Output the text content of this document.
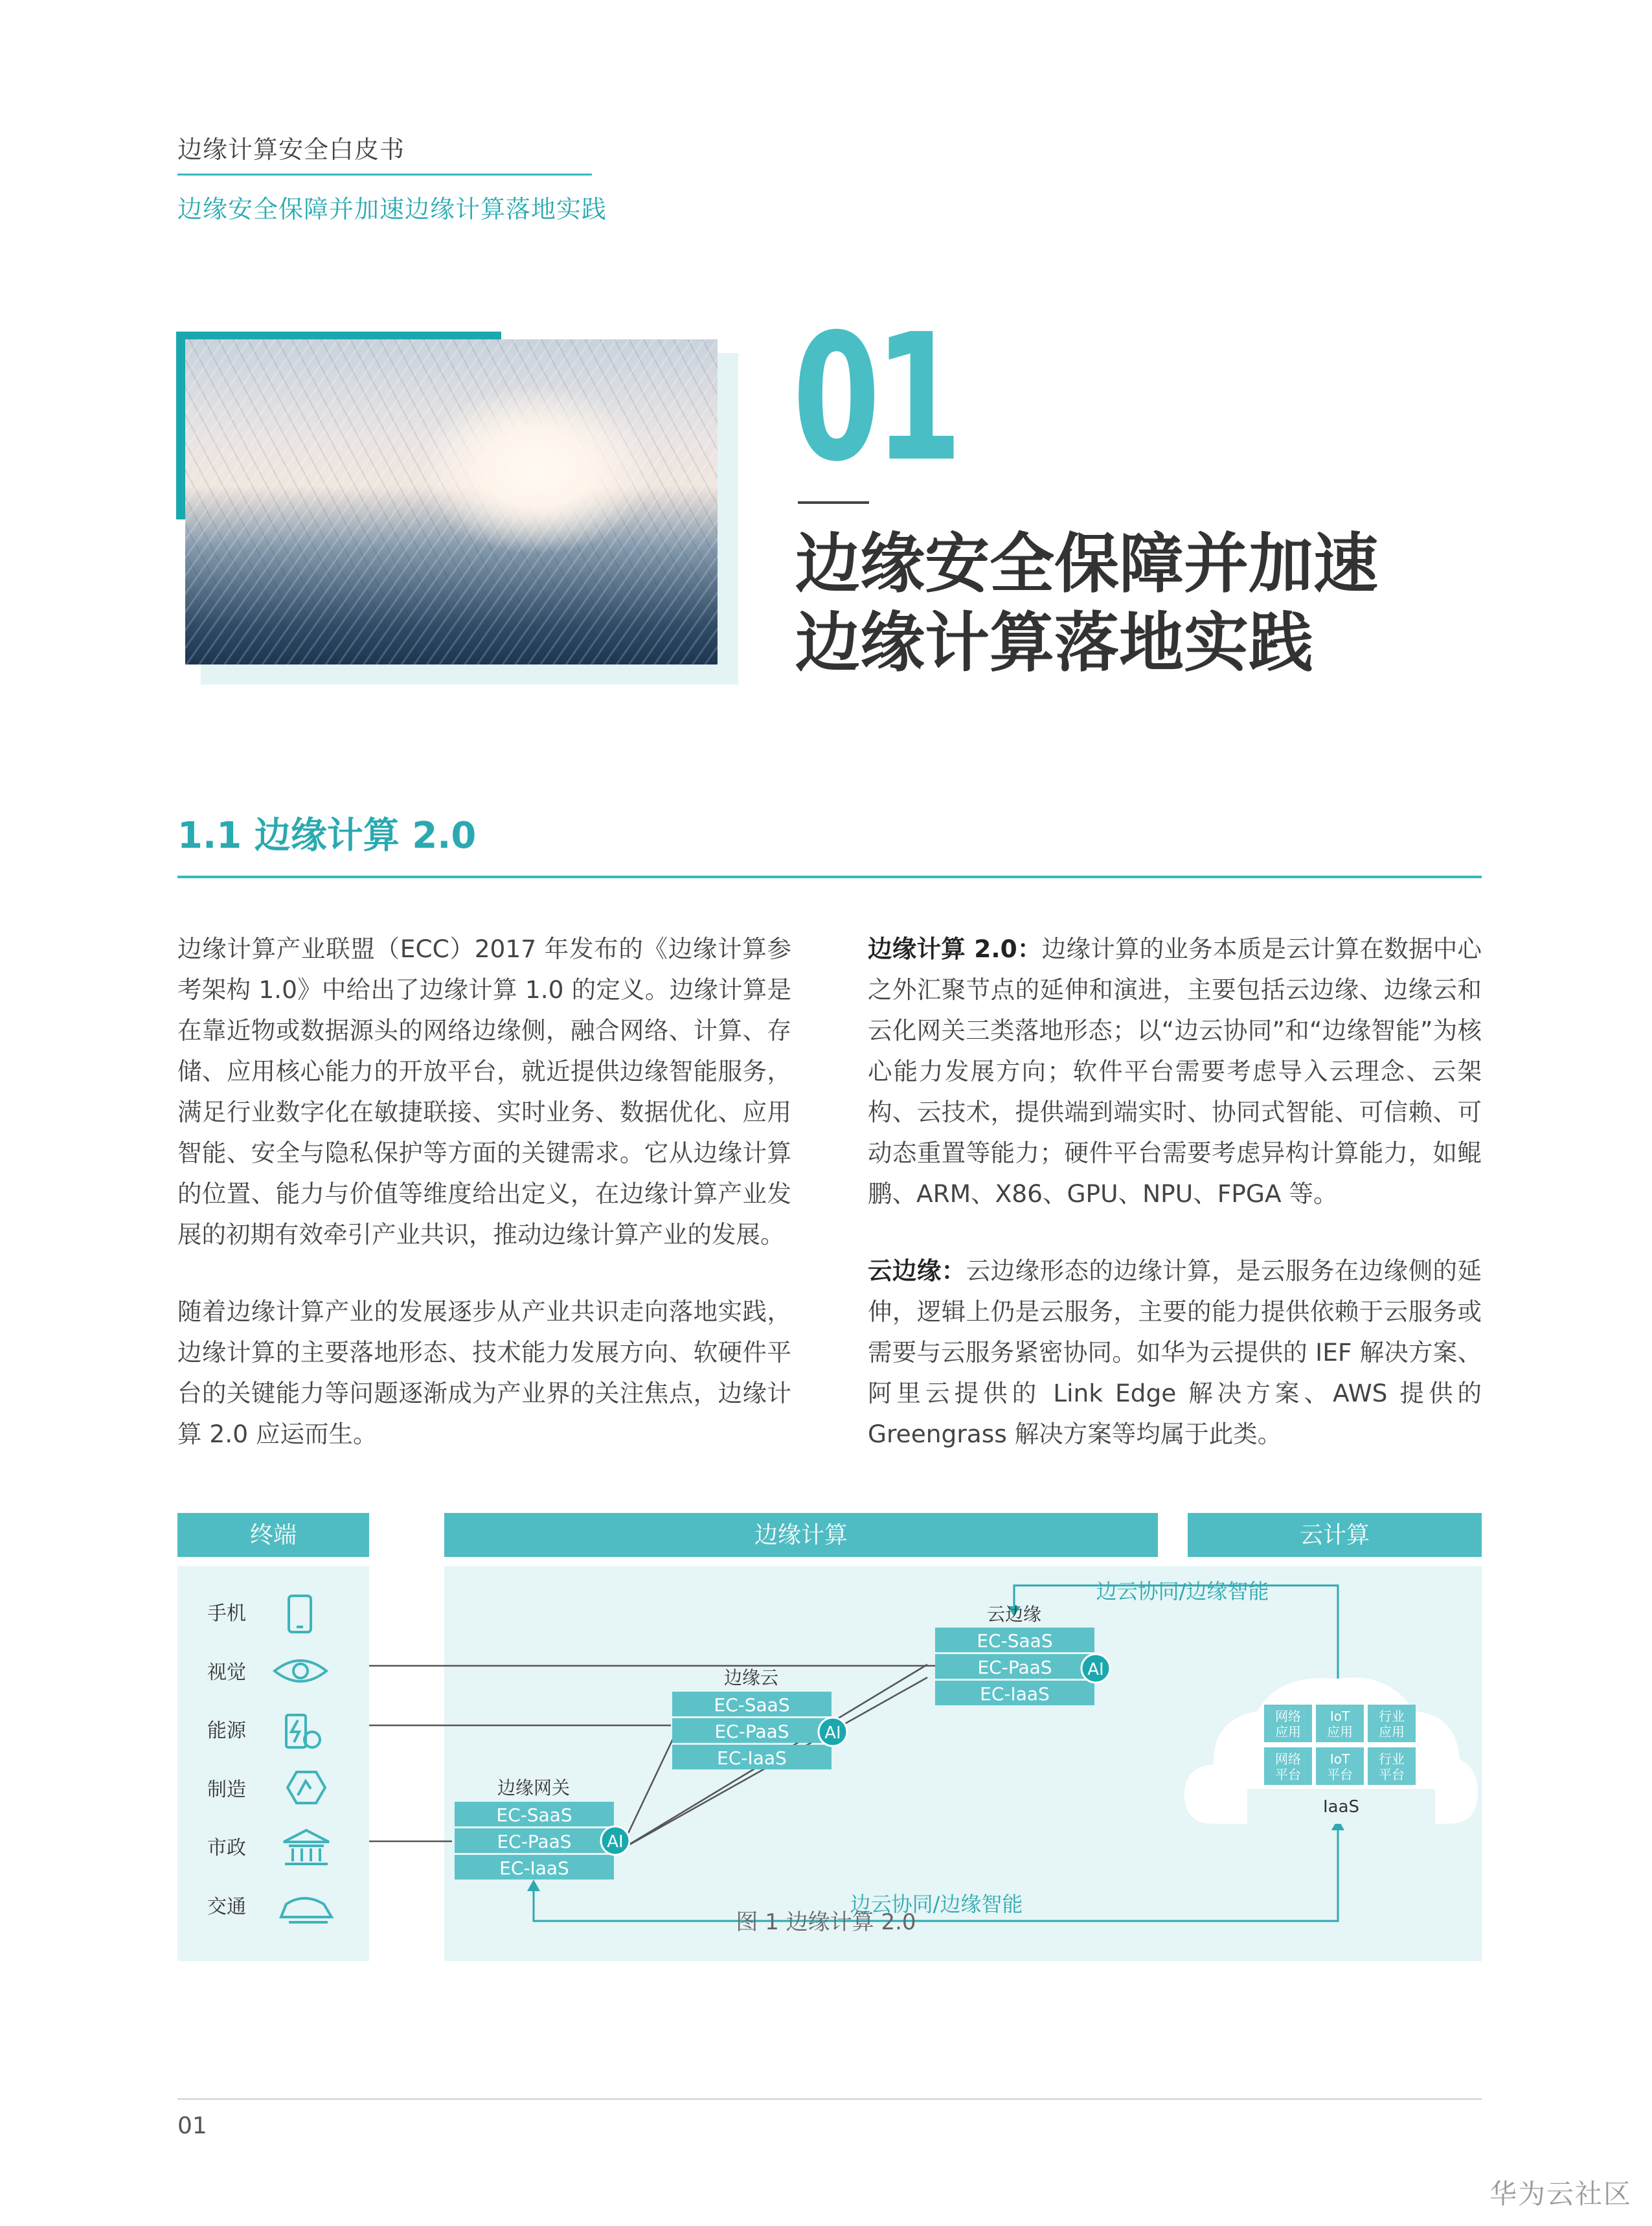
边缘计算安全白皮书
边缘安全保障并加速边缘计算落地实践
01
边缘安全保障并加速
边缘计算落地实践
1.1 边缘计算 2.0

边缘计算产业联盟（ECC）2017 年发布的《边缘计算参考架构 1.0》中给出了边缘计算 1.0 的定义。边缘计算是在靠近物或数据源头的网络边缘侧，融合网络、计算、存储、应用核心能力的开放平台，就近提供边缘智能服务，满足行业数字化在敏捷联接、实时业务、数据优化、应用智能、安全与隐私保护等方面的关键需求。它从边缘计算的位置、能力与价值等维度给出定义，在边缘计算产业发展的初期有效牵引产业共识，推动边缘计算产业的发展。

随着边缘计算产业的发展逐步从产业共识走向落地实践，边缘计算的主要落地形态、技术能力发展方向、软硬件平台的关键能力等问题逐渐成为产业界的关注焦点，边缘计算 2.0 应运而生。

边缘计算 2.0：边缘计算的业务本质是云计算在数据中心之外汇聚节点的延伸和演进，主要包括云边缘、边缘云和云化网关三类落地形态；以“边云协同”和“边缘智能”为核心能力发展方向；软件平台需要考虑导入云理念、云架构、云技术，提供端到端实时、协同式智能、可信赖、可动态重置等能力；硬件平台需要考虑异构计算能力，如鲲鹏、ARM、X86、GPU、NPU、FPGA 等。

云边缘：云边缘形态的边缘计算，是云服务在边缘侧的延伸，逻辑上仍是云服务，主要的能力提供依赖于云服务或需要与云服务紧密协同。如华为云提供的 IEF 解决方案、阿里云提供的 Link Edge 解决方案、AWS 提供的 Greengrass 解决方案等均属于此类。

终端	边缘计算	云计算
手机
视觉
能源
制造
市政
交通
边云协同/边缘智能
边云协同/边缘智能
边缘网关
EC-SaaS
EC-PaaS
EC-IaaS
AI
边缘云
EC-SaaS
EC-PaaS
EC-IaaS
AI
云边缘
EC-SaaS
EC-PaaS
EC-IaaS
AI
网络应用
IoT 应用
行业应用
网络平台
IoT 平台
行业平台
IaaS
图 1 边缘计算 2.0
01
华为云社区
